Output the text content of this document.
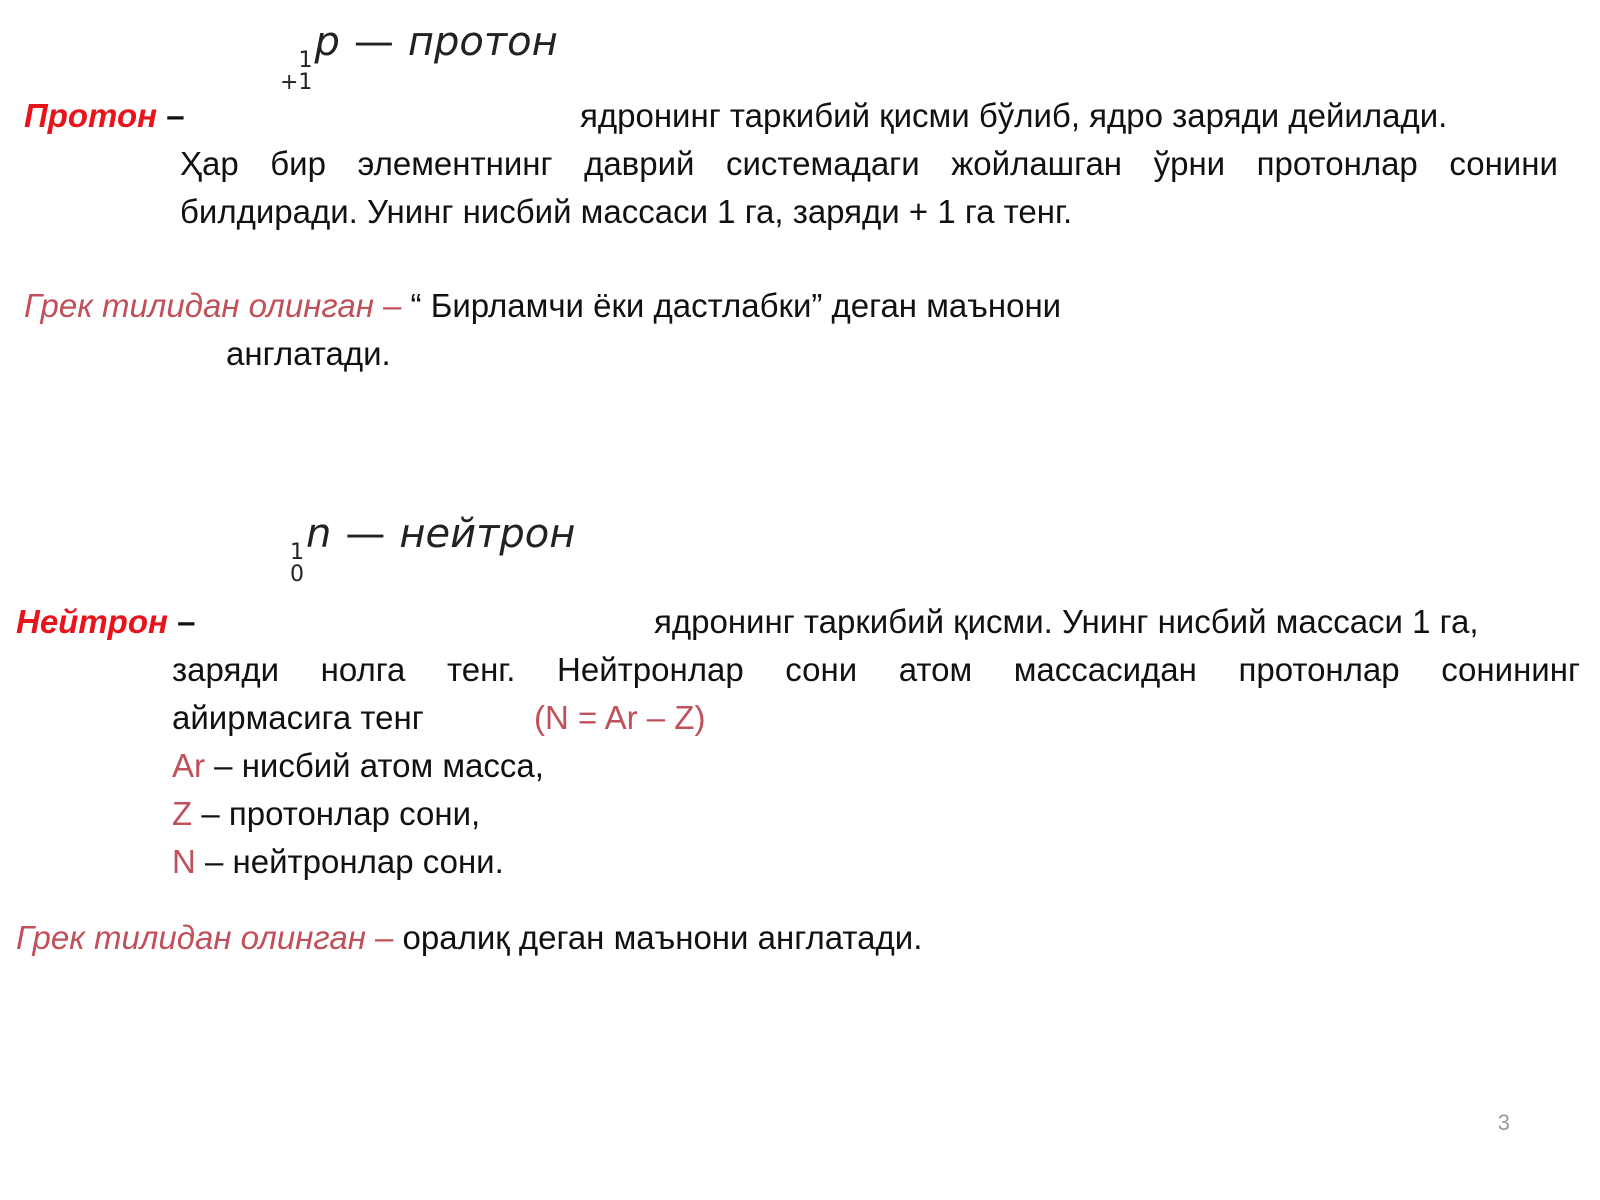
1
+1
p — протон
Протон –	ядронинг таркибий қисми бўлиб, ядро заряди дейилади.
Ҳар бир элементнинг даврий системадаги жойлашган ўрни протонлар сонини
билдиради. Унинг нисбий массаси 1 га, заряди + 1 га тенг.
Грек тилидан олинган – “ Бирламчи ёки дастлабки” деган маънони
англатади.
1
0
n — нейтрон
Нейтрон –	ядронинг таркибий қисми. Унинг нисбий массаси 1 га,
заряди нолга тенг. Нейтронлар сони атом массасидан протонлар сонининг
айирмасига тенг	(N = Ar – Z)
Ar – нисбий атом масса,
Z – протонлар сони,
N – нейтронлар сони.
Грек тилидан олинган – оралиқ деган маънони англатади.
3
